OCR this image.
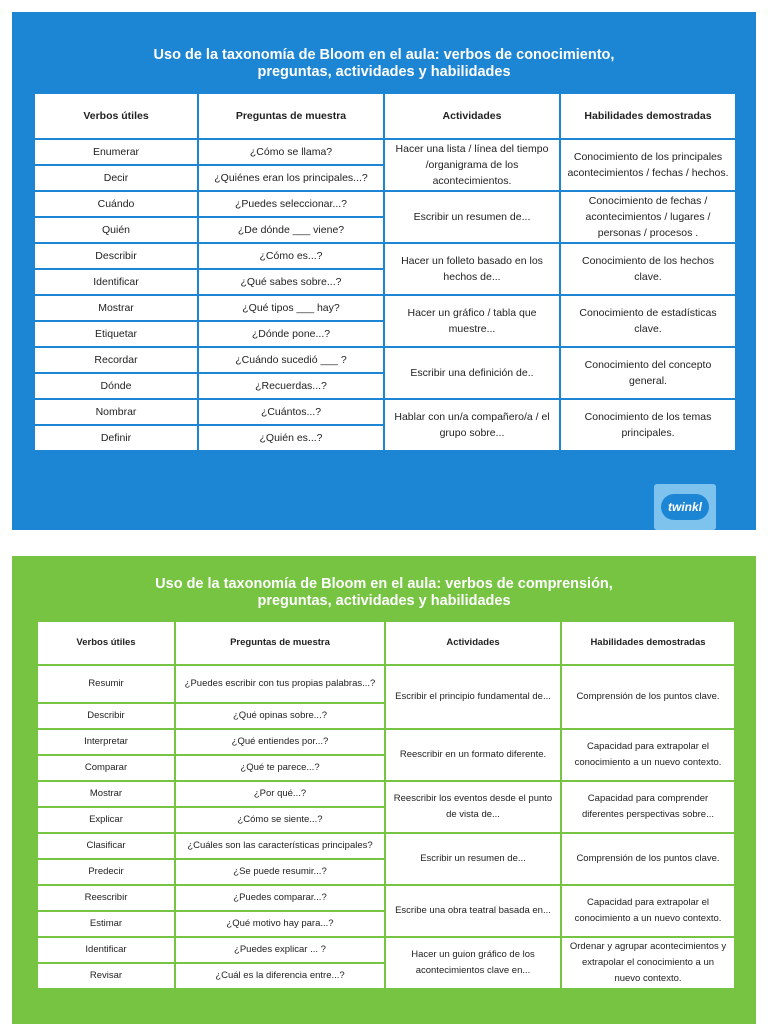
Uso de la taxonomía de Bloom en el aula: verbos de conocimiento,
preguntas, actividades y habilidades
Verbos útiles	Preguntas de muestra	Actividades	Habilidades demostradas
Enumerar	¿Cómo se llama?	Hacer una lista / línea del tiempo /organigrama de los acontecimientos.	Conocimiento de los principales acontecimientos / fechas / hechos.
Decir	¿Quiénes eran los principales...?		
Cuándo	¿Puedes seleccionar...?	Escribir un resumen de...	Conocimiento de fechas / acontecimientos / lugares / personas / procesos .
Quién	¿De dónde ___ viene?		
Describir	¿Cómo es...?	Hacer un folleto basado en los hechos de...	Conocimiento de los hechos clave.
Identificar	¿Qué sabes sobre...?		
Mostrar	¿Qué tipos ___ hay?	Hacer un gráfico / tabla que muestre...	Conocimiento de estadísticas clave.
Etiquetar	¿Dónde pone...?		
Recordar	¿Cuándo sucedió ___ ?	Escribir una definición de..	Conocimiento del concepto general.
Dónde	¿Recuerdas...?		
Nombrar	¿Cuántos...?	Hablar con un/a compañero/a / el grupo sobre...	Conocimiento de los temas principales.
Definir	¿Quién es...?		
twinkl
Uso de la taxonomía de Bloom en el aula: verbos de comprensión,
preguntas, actividades y habilidades
Verbos útiles	Preguntas de muestra	Actividades	Habilidades demostradas
Resumir	¿Puedes escribir con tus propias palabras...?	Escribir el principio fundamental de...	Comprensión de los puntos clave.
Describir	¿Qué opinas sobre...?		
Interpretar	¿Qué entiendes por...?	Reescribir en un formato diferente.	Capacidad para extrapolar el conocimiento a un nuevo contexto.
Comparar	¿Qué te parece...?		
Mostrar	¿Por qué...?	Reescribir los eventos desde el punto de vista de...	Capacidad para comprender diferentes perspectivas sobre...
Explicar	¿Cómo se siente...?		
Clasificar	¿Cuáles son las características principales?	Escribir un resumen de...	Comprensión de los puntos clave.
Predecir	¿Se puede resumir...?		
Reescribir	¿Puedes comparar...?	Escribe una obra teatral basada en...	Capacidad para extrapolar el conocimiento a un nuevo contexto.
Estimar	¿Qué motivo hay para...?		
Identificar	¿Puedes explicar ... ?	Hacer un guion gráfico de los acontecimientos clave en...	Ordenar y agrupar acontecimientos y extrapolar el conocimiento a un nuevo contexto.
Revisar	¿Cuál es la diferencia entre...?		
